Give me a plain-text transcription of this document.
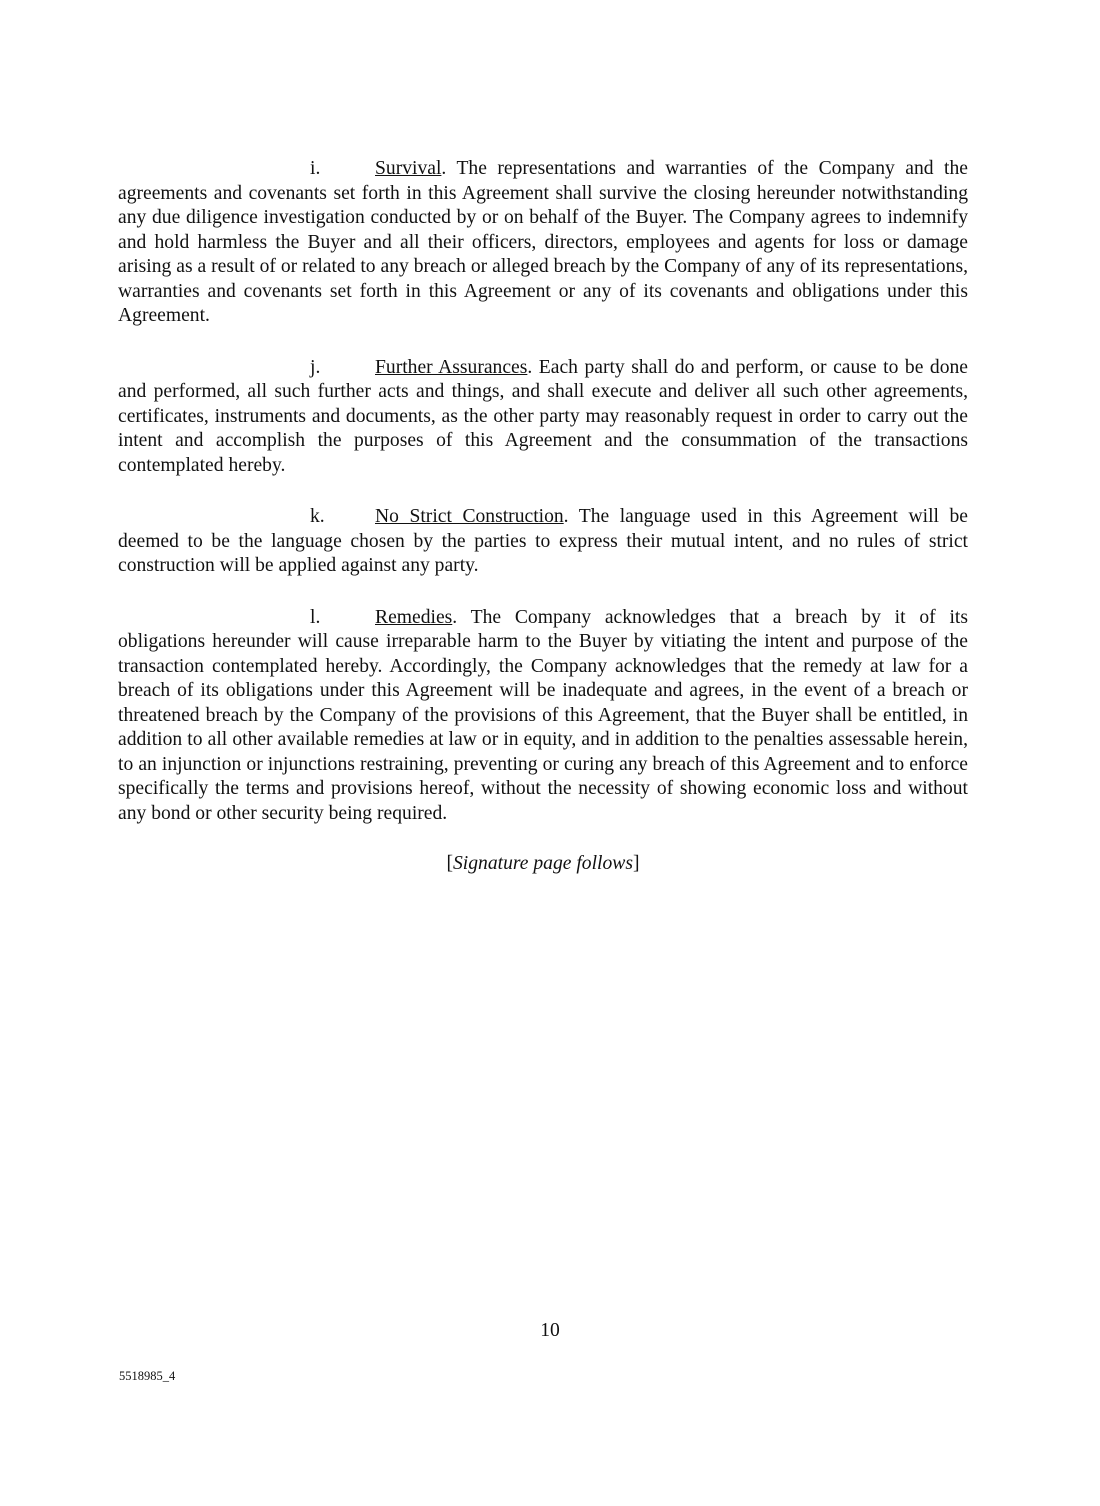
i.	Survival. The representations and warranties of the Company and the agreements and covenants set forth in this Agreement shall survive the closing hereunder notwithstanding any due diligence investigation conducted by or on behalf of the Buyer. The Company agrees to indemnify and hold harmless the Buyer and all their officers, directors, employees and agents for loss or damage arising as a result of or related to any breach or alleged breach by the Company of any of its representations, warranties and covenants set forth in this Agreement or any of its covenants and obligations under this Agreement.

j.	Further Assurances. Each party shall do and perform, or cause to be done and performed, all such further acts and things, and shall execute and deliver all such other agreements, certificates, instruments and documents, as the other party may reasonably request in order to carry out the intent and accomplish the purposes of this Agreement and the consummation of the transactions contemplated hereby.

k.	No Strict Construction. The language used in this Agreement will be deemed to be the language chosen by the parties to express their mutual intent, and no rules of strict construction will be applied against any party.

l.	Remedies. The Company acknowledges that a breach by it of its obligations hereunder will cause irreparable harm to the Buyer by vitiating the intent and purpose of the transaction contemplated hereby. Accordingly, the Company acknowledges that the remedy at law for a breach of its obligations under this Agreement will be inadequate and agrees, in the event of a breach or threatened breach by the Company of the provisions of this Agreement, that the Buyer shall be entitled, in addition to all other available remedies at law or in equity, and in addition to the penalties assessable herein, to an injunction or injunctions restraining, preventing or curing any breach of this Agreement and to enforce specifically the terms and provisions hereof, without the necessity of showing economic loss and without any bond or other security being required.

[Signature page follows]
10
5518985_4
